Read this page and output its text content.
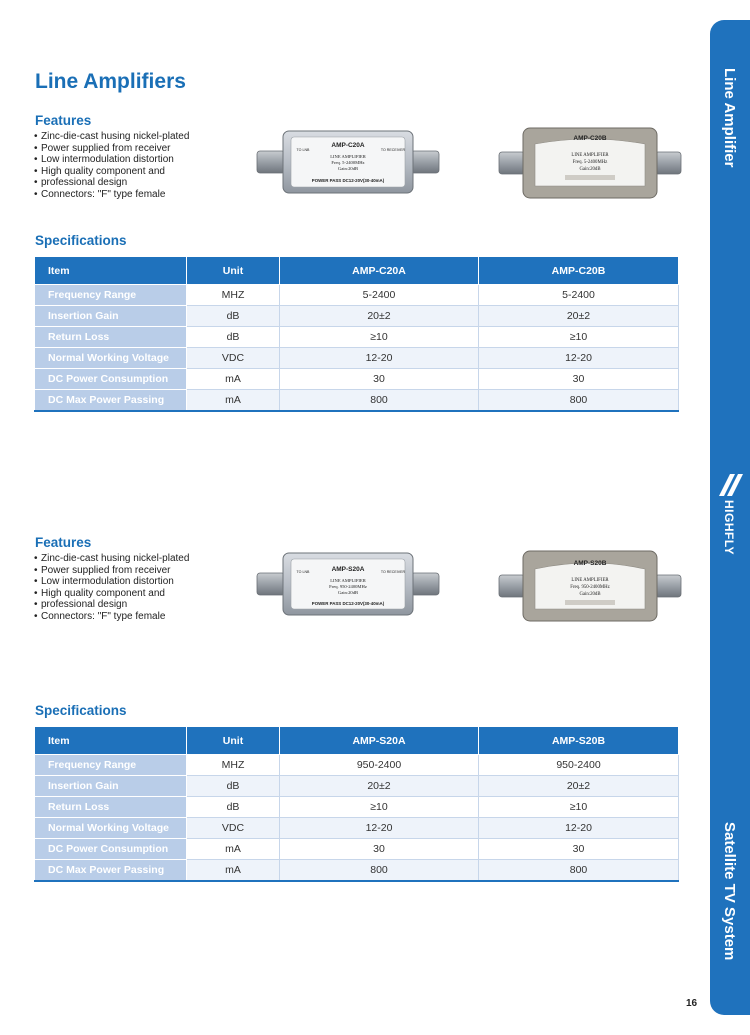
Line Amplifiers
Features
• Zinc-die-cast husing nickel-plated
• Power supplied from receiver
• Low intermodulation distortion
• High quality component and
• professional design
• Connectors: "F" type female
AMP-C20A
LINE AMPLIFIER
Freq. 5-2400MHz
Gain:20dB
POWER PASS DC12-20V(30-40mA)
TO LNB	TO RECEIVER
AMP-C20B
LINE AMPLIFIER
Freq. 5-2400MHz
Gain:20dB
Specifications
Item	Unit	AMP-C20A	AMP-C20B
Frequency Range	MHZ	5-2400	5-2400
Insertion Gain	dB	20±2	20±2
Return Loss	dB	≥10	≥10
Normal Working Voltage	VDC	12-20	12-20
DC Power Consumption	mA	30	30
DC Max Power Passing	mA	800	800
Features
• Zinc-die-cast husing nickel-plated
• Power supplied from receiver
• Low intermodulation distortion
• High quality component and
• professional design
• Connectors: "F" type female
AMP-S20A
LINE AMPLIFIER
Freq. 950-2400MHz
Gain:20dB
POWER PASS DC12-20V(30-40mA)
TO LNB	TO RECEIVER
AMP-S20B
LINE AMPLIFIER
Freq. 950-2400MHz
Gain:20dB
Specifications
Item	Unit	AMP-S20A	AMP-S20B
Frequency Range	MHZ	950-2400	950-2400
Insertion Gain	dB	20±2	20±2
Return Loss	dB	≥10	≥10
Normal Working Voltage	VDC	12-20	12-20
DC Power Consumption	mA	30	30
DC Max Power Passing	mA	800	800
Line Amplifier
HIGHFLY
Satellite TV System
16
